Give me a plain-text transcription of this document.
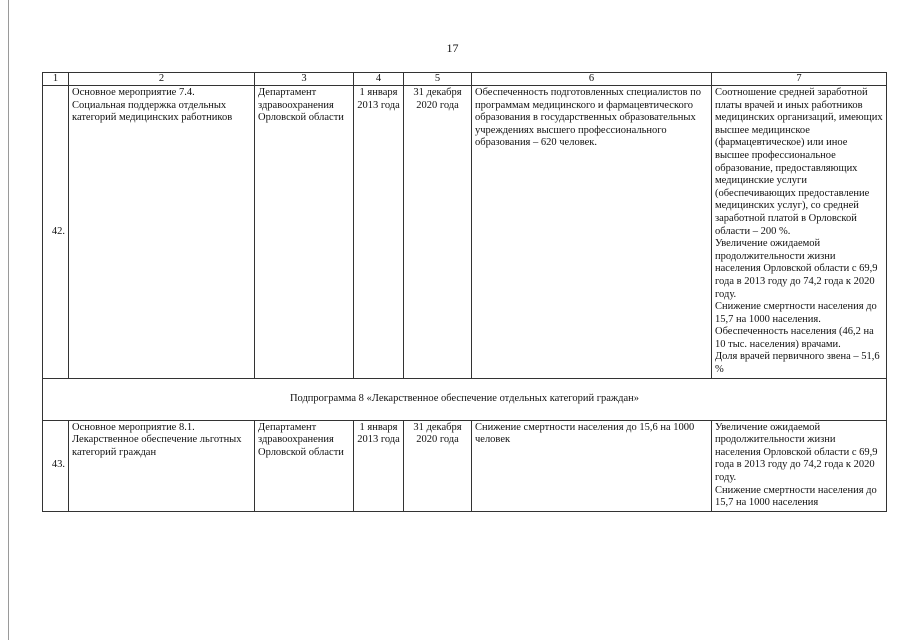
17
1	2	3	4	5	6	7
42.	Основное мероприятие 7.4.
Социальная поддержка отдельных категорий медицинских работников	Департамент здравоохранения Орловской области	1 января 2013 года	31 декабря 2020 года	Обеспеченность подготовленных специалистов по программам медицинского и фармацевтического образования в государственных образовательных учреждениях высшего профессионального образования – 620 человек.	Соотношение средней заработной платы врачей и иных работников медицинских организаций, имеющих высшее медицинское (фармацевтическое) или иное высшее профессиональное образование, предоставляющих медицинские услуги (обеспечивающих предоставление медицинских услуг), со средней заработной платой в Орловской области – 200 %.
Увеличение ожидаемой продолжительности жизни населения Орловской области с 69,9 года в 2013 году до 74,2 года к 2020 году.
Снижение смертности населения до 15,7 на 1000 населения.
Обеспеченность населения (46,2 на 10 тыс. населения) врачами.
Доля врачей первичного звена – 51,6 %
Подпрограмма 8 «Лекарственное обеспечение отдельных категорий граждан»						
43.	Основное мероприятие 8.1.
Лекарственное обеспечение льготных категорий граждан	Департамент здравоохранения Орловской области	1 января 2013 года	31 декабря 2020 года	Снижение смертности населения до 15,6 на 1000 человек	Увеличение ожидаемой продолжительности жизни населения Орловской области с 69,9 года в 2013 году до 74,2 года к 2020 году.
Снижение смертности населения до 15,7 на 1000 населения
